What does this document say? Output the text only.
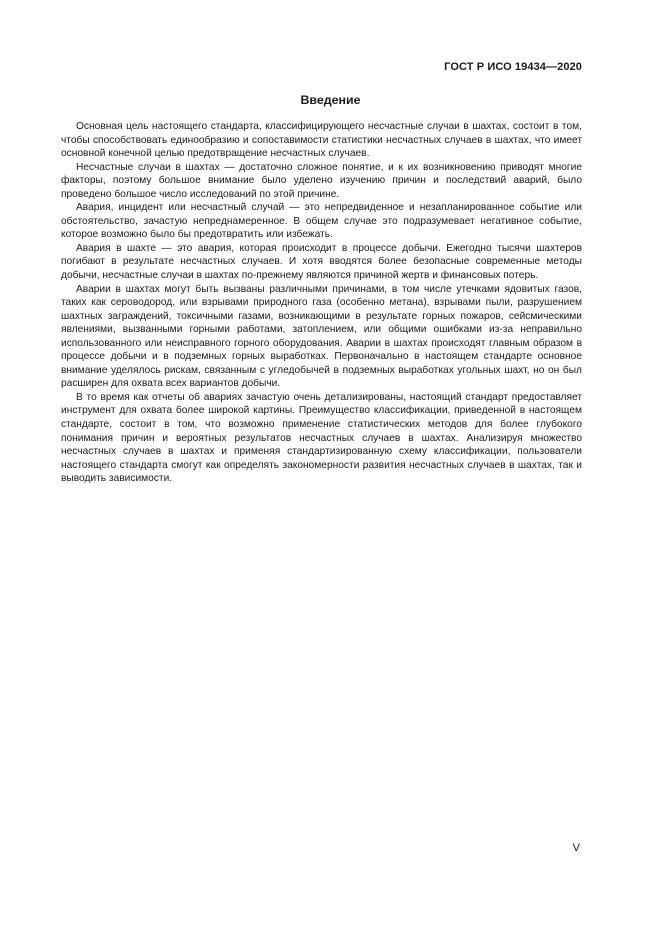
ГОСТ Р ИСО 19434—2020
Введение

Основная цель настоящего стандарта, классифицирующего несчастные случаи в шахтах, состоит в том, чтобы способствовать единообразию и сопоставимости статистики несчастных случаев в шахтах, что имеет основной конечной целью предотвращение несчастных случаев.

Несчастные случаи в шахтах — достаточно сложное понятие, и к их возникновению приводят многие факторы, поэтому большое внимание было уделено изучению причин и последствий аварий, было проведено большое число исследований по этой причине.

Авария, инцидент или несчастный случай — это непредвиденное и незапланированное событие или обстоятельство, зачастую непреднамеренное. В общем случае это подразумевает негативное событие, которое возможно было бы предотвратить или избежать.

Авария в шахте — это авария, которая происходит в процессе добычи. Ежегодно тысячи шахтеров погибают в результате несчастных случаев. И хотя вводятся более безопасные современные методы добычи, несчастные случаи в шахтах по-прежнему являются причиной жертв и финансовых потерь.

Аварии в шахтах могут быть вызваны различными причинами, в том числе утечками ядовитых газов, таких как сероводород, или взрывами природного газа (особенно метана), взрывами пыли, разрушением шахтных заграждений, токсичными газами, возникающими в результате горных пожаров, сейсмическими явлениями, вызванными горными работами, затоплением, или общими ошибками из-за неправильно использованного или неисправного горного оборудования. Аварии в шахтах происходят главным образом в процессе добычи и в подземных горных выработках. Первоначально в настоящем стандарте основное внимание уделялось рискам, связанным с угледобычей в подземных выработках угольных шахт, но он был расширен для охвата всех вариантов добычи.

В то время как отчеты об авариях зачастую очень детализированы, настоящий стандарт предоставляет инструмент для охвата более широкой картины. Преимущество классификации, приведенной в настоящем стандарте, состоит в том, что возможно применение статистических методов для более глубокого понимания причин и вероятных результатов несчастных случаев в шахтах. Анализируя множество несчастных случаев в шахтах и применяя стандартизированную схему классификации, пользователи настоящего стандарта смогут как определять закономерности развития несчастных случаев в шахтах, так и выводить зависимости.

V
